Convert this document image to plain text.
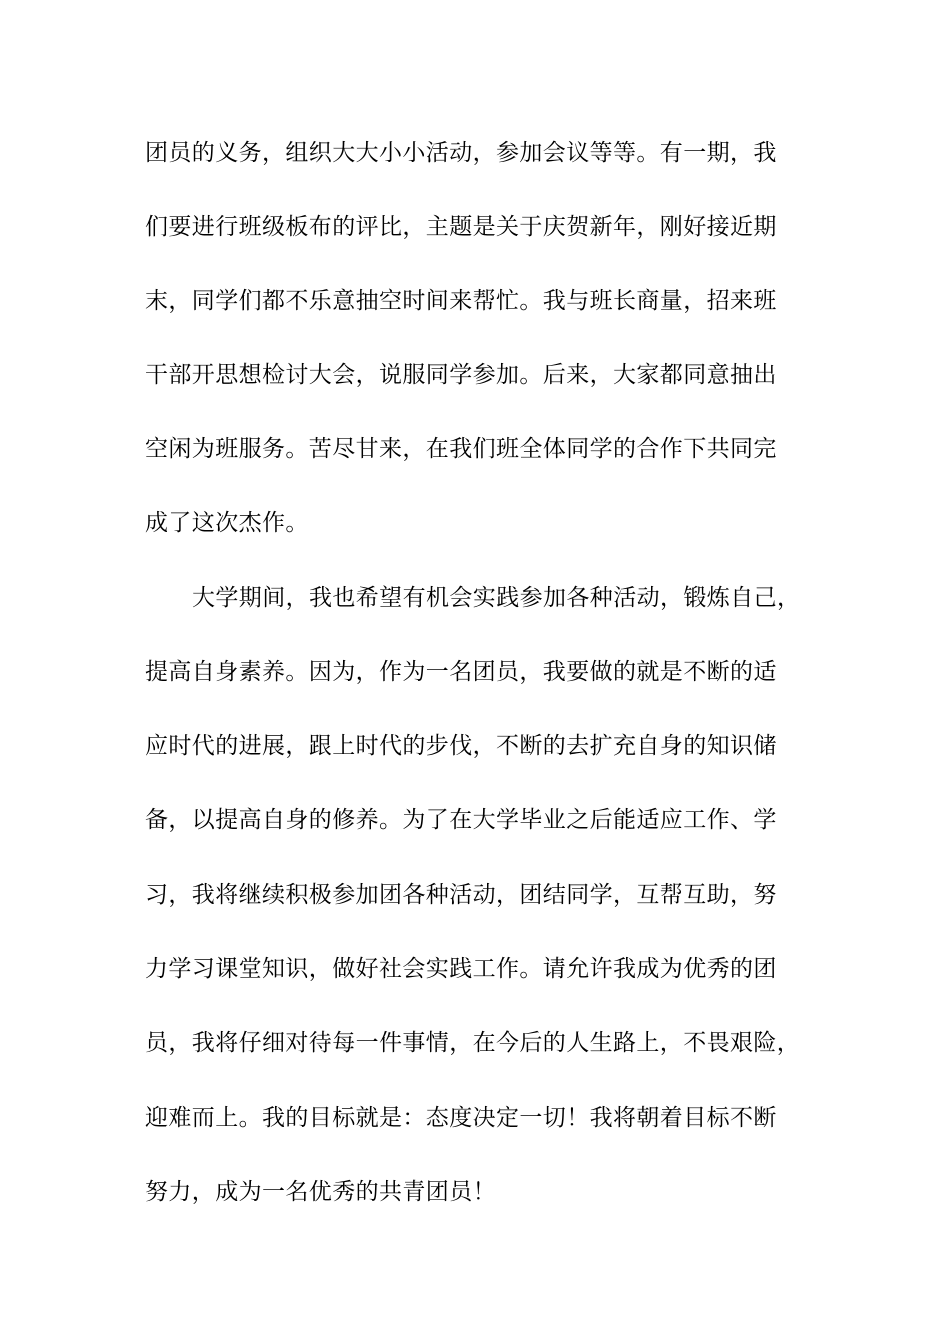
团员的义务，组织大大小小活动，参加会议等等。有一期，我
们要进行班级板布的评比，主题是关于庆贺新年，刚好接近期
末，同学们都不乐意抽空时间来帮忙。我与班长商量，招来班
干部开思想检讨大会，说服同学参加。后来，大家都同意抽出
空闲为班服务。苦尽甘来，在我们班全体同学的合作下共同完
成了这次杰作。
大学期间，我也希望有机会实践参加各种活动，锻炼自己，
提高自身素养。因为，作为一名团员，我要做的就是不断的适
应时代的进展，跟上时代的步伐，不断的去扩充自身的知识储
备，以提高自身的修养。为了在大学毕业之后能适应工作、学
习，我将继续积极参加团各种活动，团结同学，互帮互助，努
力学习课堂知识，做好社会实践工作。请允许我成为优秀的团
员，我将仔细对待每一件事情，在今后的人生路上，不畏艰险，
迎难而上。我的目标就是：态度决定一切！我将朝着目标不断
努力，成为一名优秀的共青团员！
